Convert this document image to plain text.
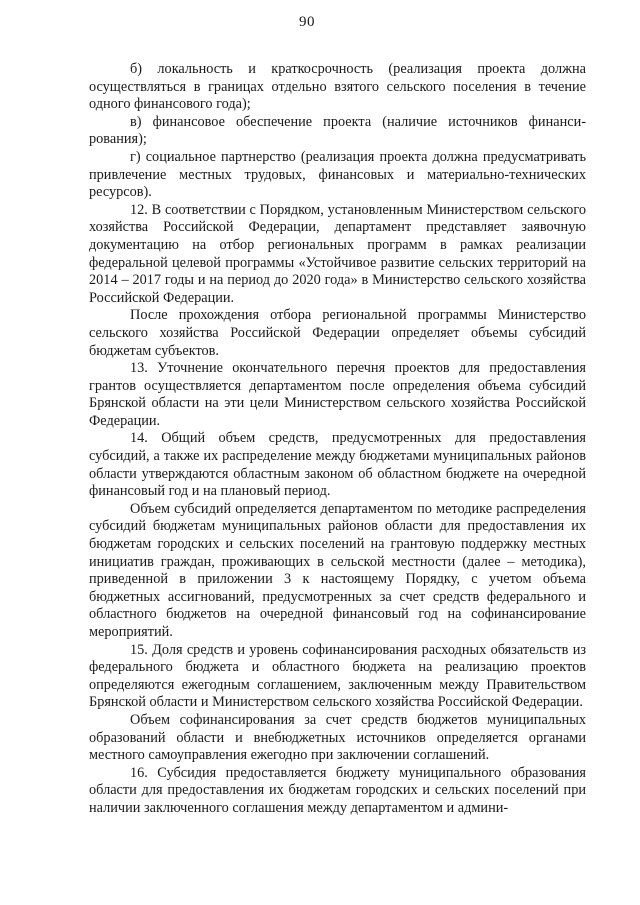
90

б) локальность и краткосрочность (реализация проекта должна осуществляться в границах отдельно взятого сельского поселения в течение одного финансового года);

в) финансовое обеспечение проекта (наличие источников финансирования);

г) социальное партнерство (реализация проекта должна предусматривать привлечение местных трудовых, финансовых и материально-технических ресурсов).

12. В соответствии с Порядком, установленным Министерством сельского хозяйства Российской Федерации, департамент представляет заявочную документацию на отбор региональных программ в рамках реализации федеральной целевой программы «Устойчивое развитие сельских территорий на 2014 – 2017 годы и на период до 2020 года» в Министерство сельского хозяйства Российской Федерации.

После прохождения отбора региональной программы Министерство сельского хозяйства Российской Федерации определяет объемы субсидий бюджетам субъектов.

13. Уточнение окончательного перечня проектов для предоставления грантов осуществляется департаментом после определения объема субсидий Брянской области на эти цели Министерством сельского хозяйства Российской Федерации.

14. Общий объем средств, предусмотренных для предоставления субсидий, а также их распределение между бюджетами муниципальных районов области утверждаются областным законом об областном бюджете на очередной финансовый год и на плановый период.

Объем субсидий определяется департаментом по методике распределения субсидий бюджетам муниципальных районов области для предоставления их бюджетам городских и сельских поселений на грантовую поддержку местных инициатив граждан, проживающих в сельской местности (далее – методика), приведенной в приложении 3 к настоящему Порядку, с учетом объема бюджетных ассигнований, предусмотренных за счет средств федерального и областного бюджетов на очередной финансовый год на софинансирование мероприятий.

15. Доля средств и уровень софинансирования расходных обязательств из федерального бюджета и областного бюджета на реализацию проектов определяются ежегодным соглашением, заключенным между Правительством Брянской области и Министерством сельского хозяйства Российской Федерации.

Объем софинансирования за счет средств бюджетов муниципальных образований области и внебюджетных источников определяется органами местного самоуправления ежегодно при заключении соглашений.

16. Субсидия предоставляется бюджету муниципального образования области для предоставления их бюджетам городских и сельских поселений при наличии заключенного соглашения между департаментом и админи-
